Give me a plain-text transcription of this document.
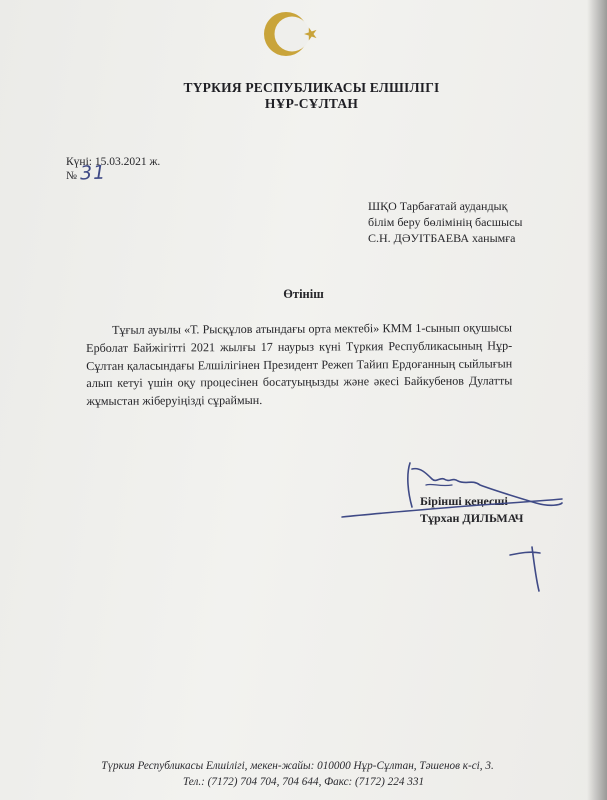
ТҮРКИЯ РЕСПУБЛИКАСЫ ЕЛШІЛІГІ
НҰР-СҰЛТАН
Күні: 15.03.2021 ж.
№ 31
ШҚО Тарбағатай аудандық
білім беру бөлімінің басшысы
С.Н. ДӘУІТБАЕВА ханымға
Өтініш
Тұғыл ауылы «Т. Рысқұлов атындағы орта мектебі» КММ 1-сынып оқушысы Ерболат Байжігітті 2021 жылғы 17 наурыз күні Түркия Республикасының Нұр-Сұлтан қаласындағы Елшілігінен Президент Режеп Тайип Ердоғанның сыйлығын алып кетуі үшін оқу процесінен босатуыңызды және әкесі Байкубенов Дулатты жұмыстан жіберуіңізді сұраймын.
Бірінші кеңесші
Тұрхан ДИЛЬМАЧ
Түркия Республикасы Елшілігі, мекен-жайы: 010000 Нұр-Сұлтан, Тәшенов к-сі, 3.
Тел.: (7172) 704 704, 704 644, Факс: (7172) 224 331
